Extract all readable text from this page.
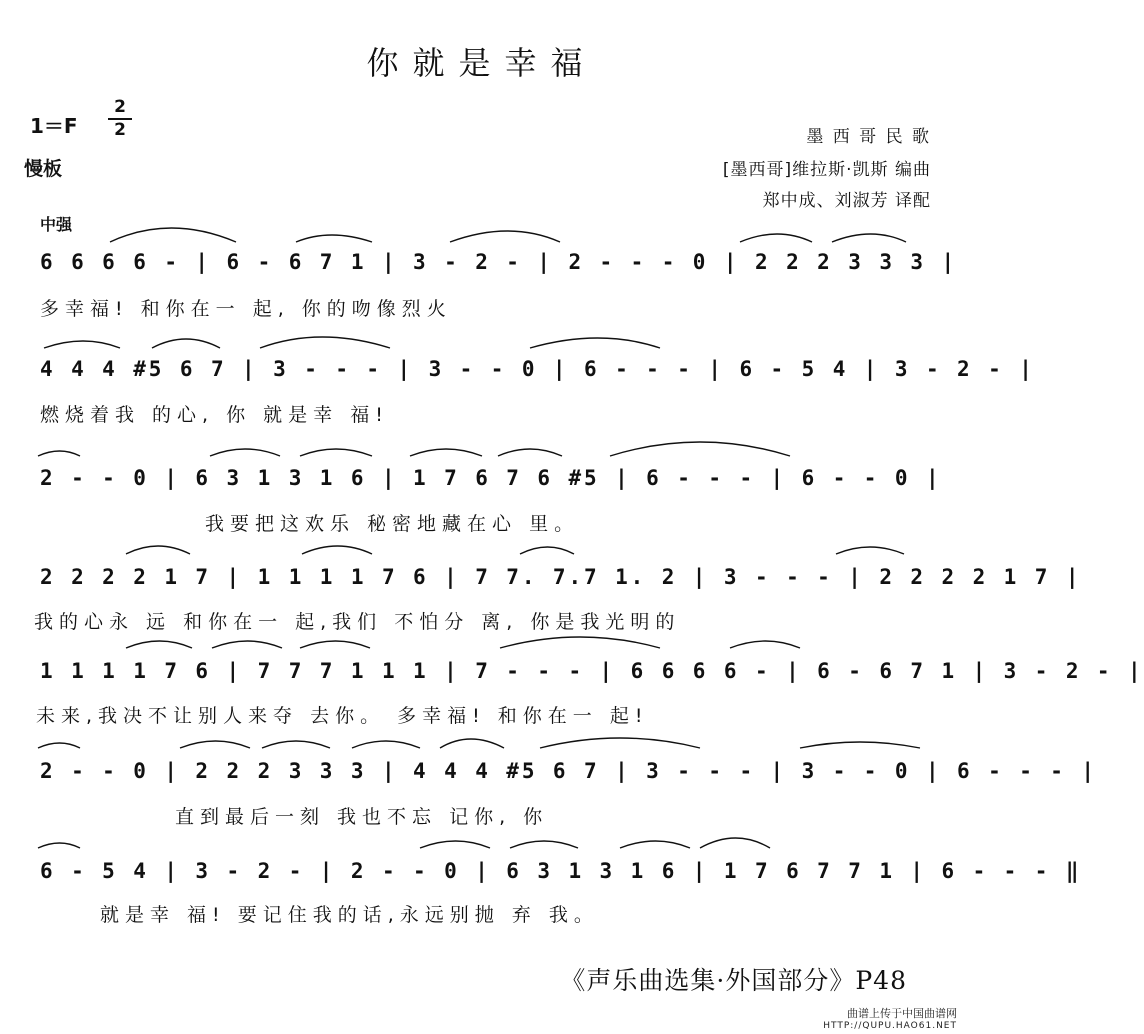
你就是幸福
1＝F
2
2
慢板
墨 西 哥 民 歌
[墨西哥]维拉斯·凯斯 编曲
郑中成、刘淑芳 译配
中强
6 6 6 6 - | 6 - 6 7 1 | 3 - 2 - | 2 - - - 0 | 2 2 2 3 3 3 |
多幸福! 和你在一 起, 你的吻像烈火
4 4 4 #5 6 7 | 3 - - - | 3 - - 0 | 6 - - - | 6 - 5 4 | 3 - 2 - |
燃烧着我 的心, 你 就是幸 福!
2 - - 0 | 6 3 1 3 1 6 | 1 7 6 7 6 #5 | 6 - - - | 6 - - 0 |
我要把这欢乐 秘密地藏在心 里。
2 2 2 2 1 7 | 1 1 1 1 7 6 | 7 7. 7.7 1. 2 | 3 - - - | 2 2 2 2 1 7 |
我的心永 远 和你在一 起,我们 不怕分 离, 你是我光明的
1 1 1 1 7 6 | 7 7 7 1 1 1 | 7 - - - | 6 6 6 6 - | 6 - 6 7 1 | 3 - 2 - |
未来,我决不让别人来夺 去你。 多幸福! 和你在一 起!
2 - - 0 | 2 2 2 3 3 3 | 4 4 4 #5 6 7 | 3 - - - | 3 - - 0 | 6 - - - |
直到最后一刻 我也不忘 记你, 你
6 - 5 4 | 3 - 2 - | 2 - - 0 | 6 3 1 3 1 6 | 1 7 6 7 7 1 | 6 - - - ‖
就是幸 福! 要记住我的话,永远别抛 弃 我。
《声乐曲选集·外国部分》P48
曲谱上传于中国曲谱网
HTTP://QUPU.HAO61.NET
